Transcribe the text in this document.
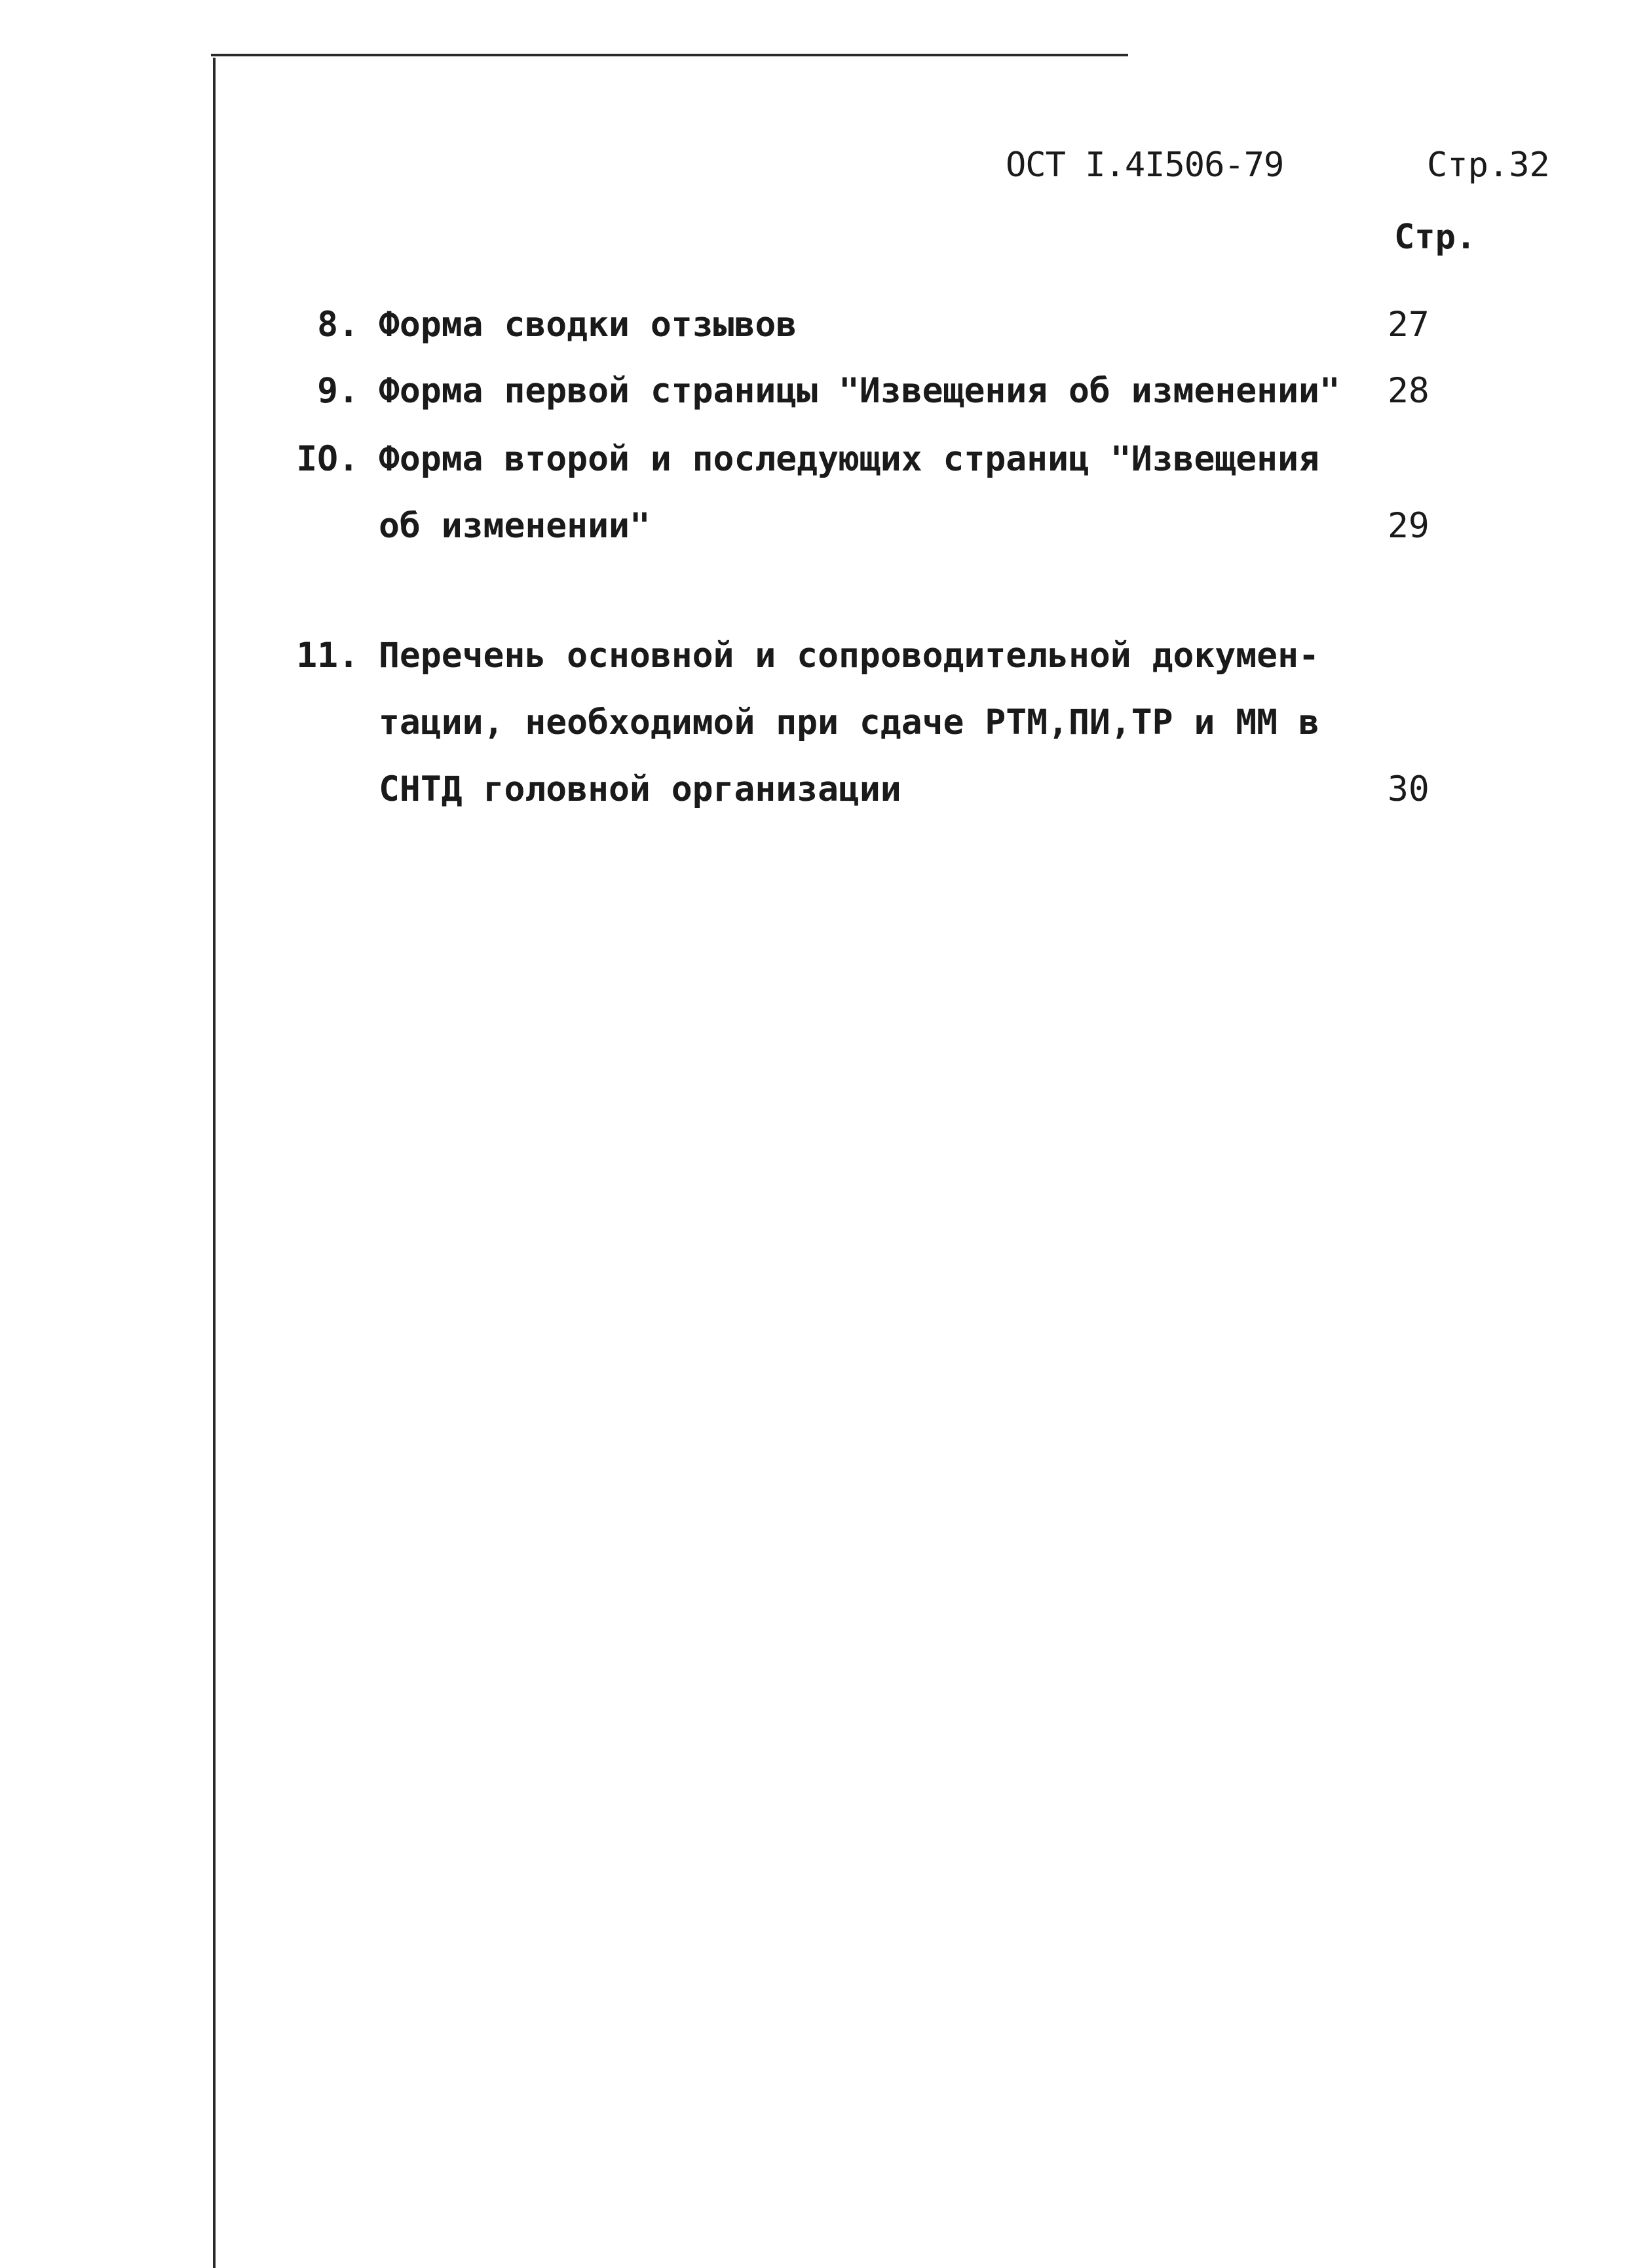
ОСТ I.4I506-79	Стр.32
Стр.
8. Форма сводки отзывов	27
9. Форма первой страницы "Извещения об изменении" 28
IO. Форма второй и последующих страниц "Извещения
об изменении"	29
11. Перечень основной и сопроводительной докумен-
тации, необходимой при сдаче РТМ,ПИ,ТР и ММ в
СНТД головной организации	30
